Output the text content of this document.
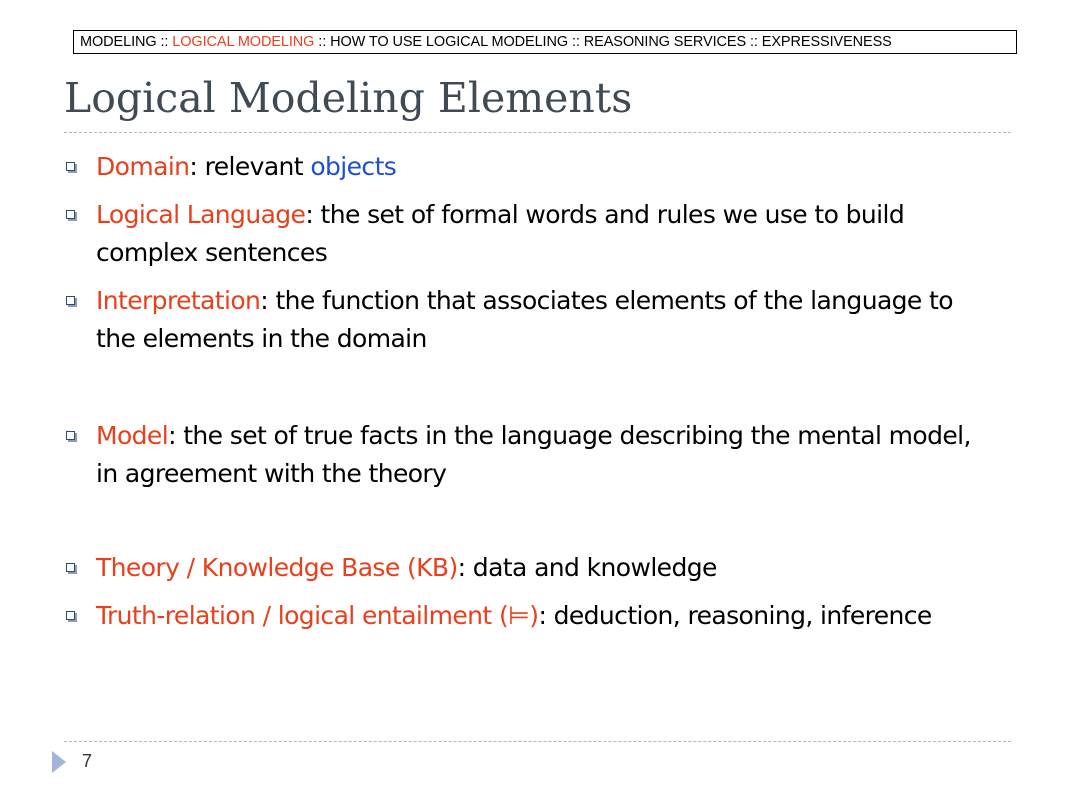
MODELING :: LOGICAL MODELING :: HOW TO USE LOGICAL MODELING :: REASONING SERVICES :: EXPRESSIVENESS
Logical Modeling Elements
Domain: relevant objects
Logical Language: the set of formal words and rules we use to build complex sentences
Interpretation: the function that associates elements of the language to the elements in the domain
Model: the set of true facts in the language describing the mental model, in agreement with the theory
Theory / Knowledge Base (KB): data and knowledge
Truth-relation / logical entailment (⊨): deduction, reasoning, inference
7
